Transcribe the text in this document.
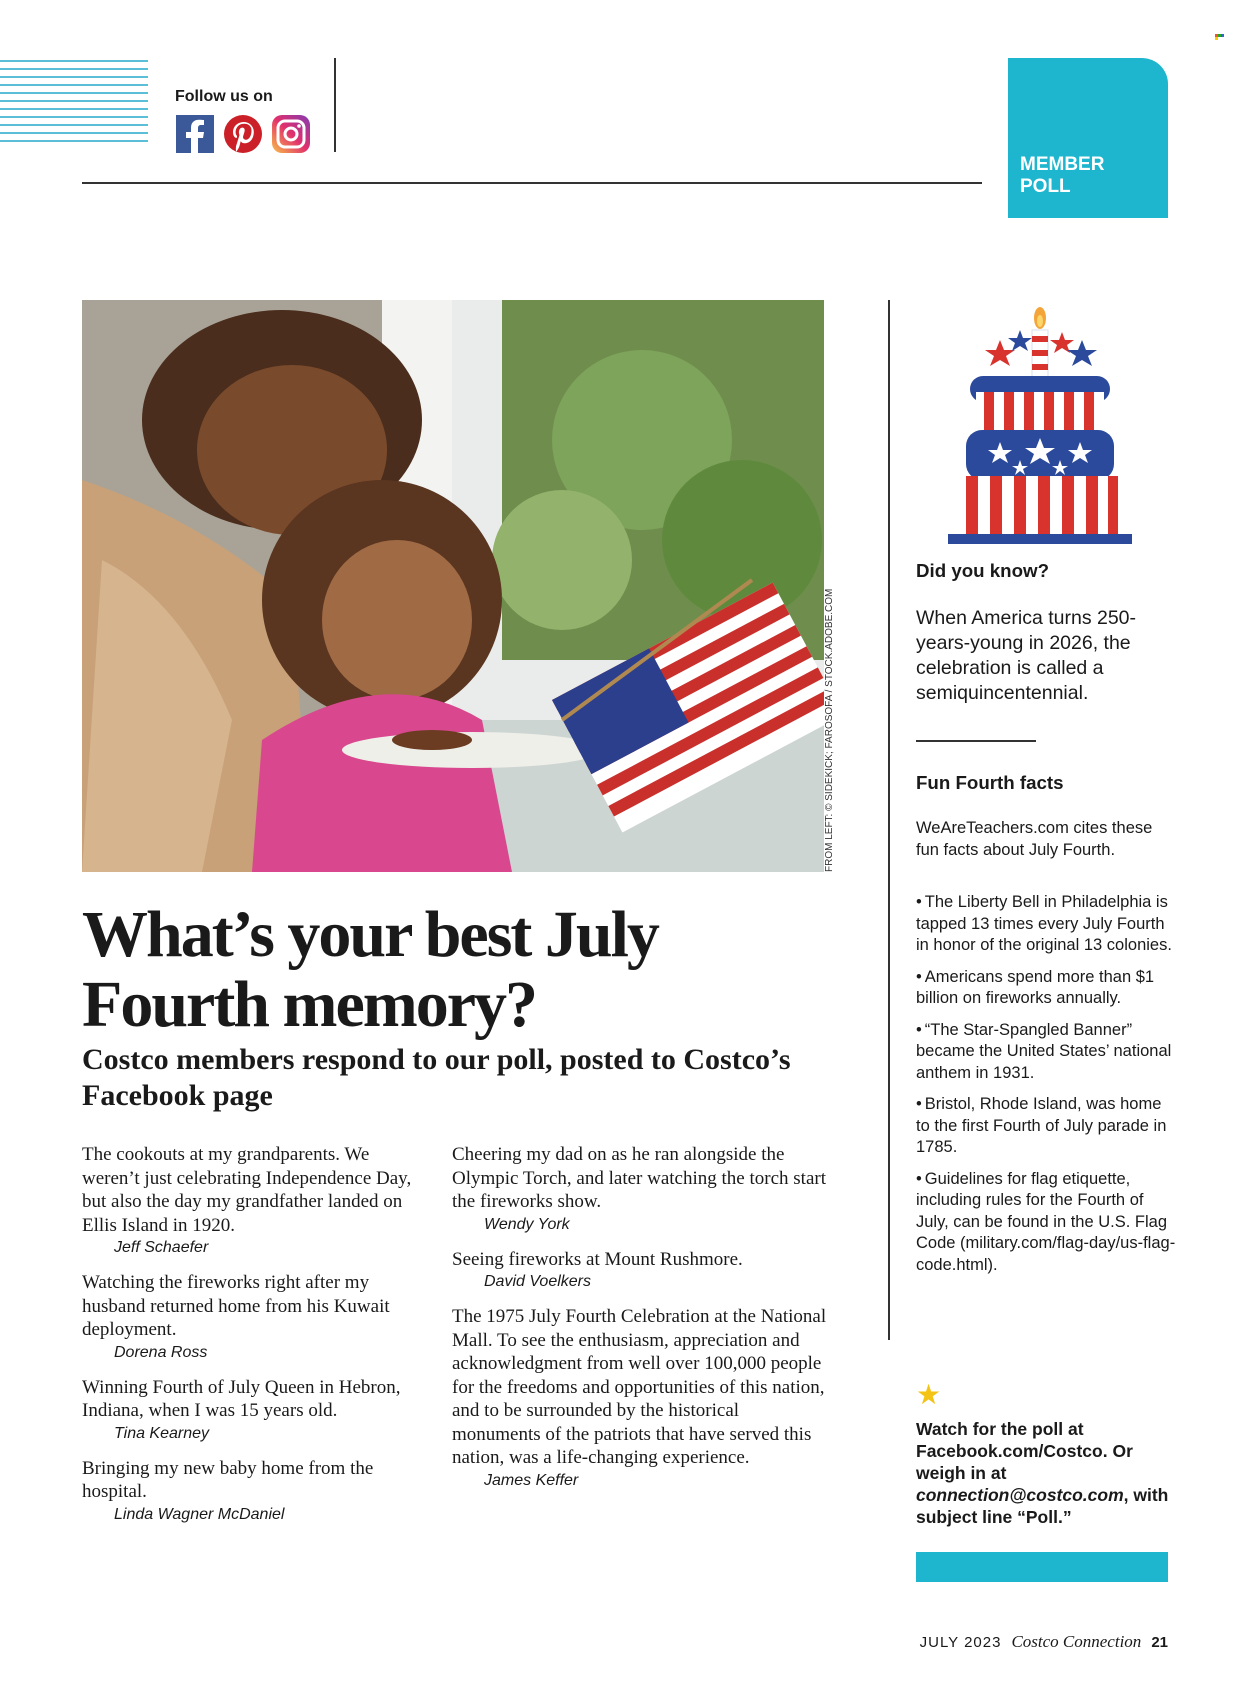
Follow us on
MEMBER POLL
FROM LEFT: © SIDEKICK; FAROSOFA / STOCK.ADOBE.COM
What’s your best July Fourth memory?
Costco members respond to our poll, posted to Costco’s Facebook page

The cookouts at my grandparents. We weren’t just celebrating Independence Day, but also the day my grandfather landed on Ellis Island in 1920.

Jeff Schaefer

Watching the fireworks right after my husband returned home from his Kuwait deployment.

Dorena Ross

Winning Fourth of July Queen in Hebron, Indiana, when I was 15 years old.

Tina Kearney

Bringing my new baby home from the hospital.

Linda Wagner McDaniel

Cheering my dad on as he ran alongside the Olympic Torch, and later watching the torch start the fireworks show.

Wendy York

Seeing fireworks at Mount Rushmore.

David Voelkers

The 1975 July Fourth Celebration at the National Mall. To see the enthusiasm, appreciation and acknowledgment from well over 100,000 people for the freedoms and opportunities of this nation, and to be surrounded by the historical monuments of the patriots that have served this nation, was a life-changing experience.

James Keffer

Did you know?

When America turns 250-years-young in 2026, the celebration is called a semiquincentennial.

Fun Fourth facts

WeAreTeachers.com cites these fun facts about July Fourth.

• The Liberty Bell in Philadelphia is tapped 13 times every July Fourth in honor of the original 13 colonies.
• Americans spend more than $1 billion on fireworks annually.
• “The Star-Spangled Banner” became the United States’ national anthem in 1931.
• Bristol, Rhode Island, was home to the first Fourth of July parade in 1785.
• Guidelines for flag etiquette, including rules for the Fourth of July, can be found in the U.S. Flag Code (military.com/flag-day/us-flag-code.html).
★
Watch for the poll at Facebook.com/Costco. Or weigh in at connection@costco.com, with subject line “Poll.”
JULY 2023 Costco Connection 21
